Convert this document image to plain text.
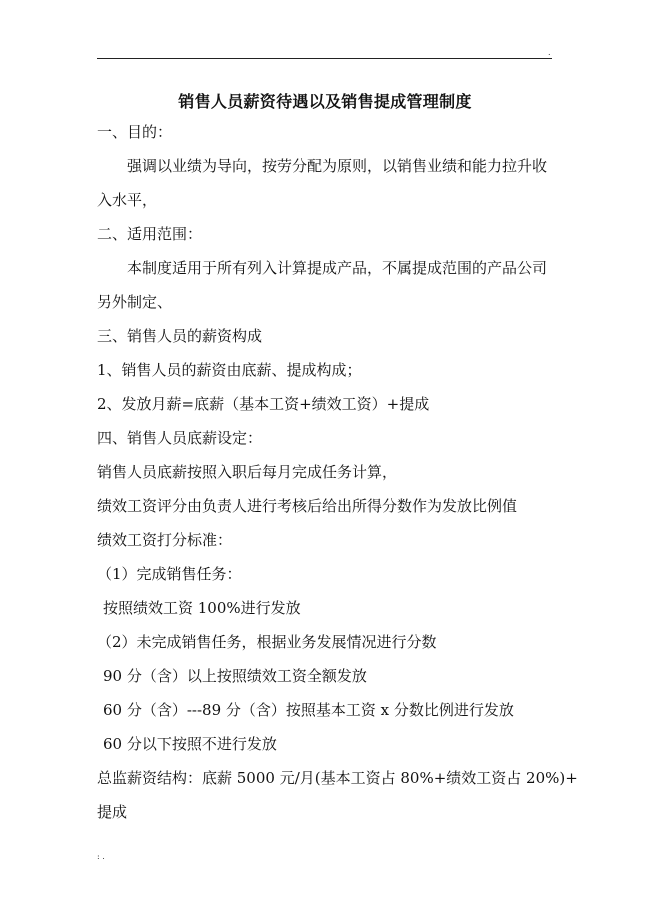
.
销售人员薪资待遇以及销售提成管理制度
一、目的：
强调以业绩为导向，按劳分配为原则，以销售业绩和能力拉升收
入水平，
二、适用范围：
本制度适用于所有列入计算提成产品，不属提成范围的产品公司
另外制定、
三、销售人员的薪资构成
1、销售人员的薪资由底薪、提成构成；
2、发放月薪=底薪（基本工资+绩效工资）+提成
四、销售人员底薪设定：
销售人员底薪按照入职后每月完成任务计算，
绩效工资评分由负责人进行考核后给出所得分数作为发放比例值
绩效工资打分标准：
（1）完成销售任务：
按照绩效工资 100%进行发放
（2）未完成销售任务，根据业务发展情况进行分数
90 分（含）以上按照绩效工资全额发放
60 分（含）---89 分（含）按照基本工资 x 分数比例进行发放
60 分以下按照不进行发放
总监薪资结构：底薪 5000 元/月(基本工资占 80%+绩效工资占 20%)+
提成
: .
